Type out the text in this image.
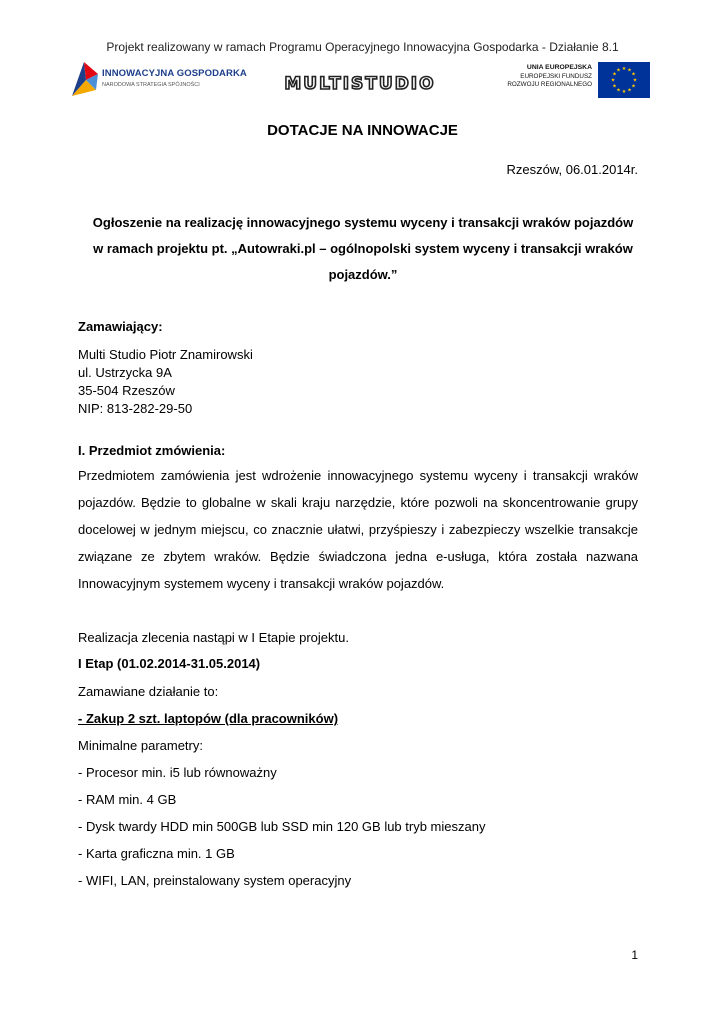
Projekt realizowany w ramach Programu Operacyjnego Innowacyjna Gospodarka - Działanie 8.1
INNOWACYJNA GOSPODARKA
NARODOWA STRATEGIA SPÓJNOŚCI	MULTISTUDIO
UNIA EUROPEJSKA
EUROPEJSKI FUNDUSZ
ROZWOJU REGIONALNEGO
★ ★
★
★
★
★
★
★
★
★
★
★
DOTACJE NA INNOWACJE
Rzeszów, 06.01.2014r.
Ogłoszenie na realizację innowacyjnego systemu wyceny i transakcji wraków pojazdów
w ramach projektu pt. „Autowraki.pl – ogólnopolski system wyceny i transakcji wraków
pojazdów.”
Zamawiający:
Multi Studio Piotr Znamirowski
ul. Ustrzycka 9A
35-504 Rzeszów
NIP: 813-282-29-50
I. Przedmiot zmówienia:
Przedmiotem zamówienia jest wdrożenie innowacyjnego systemu wyceny i transakcji wraków pojazdów. Będzie to globalne w skali kraju narzędzie, które pozwoli na skoncentrowanie grupy docelowej w jednym miejscu, co znacznie ułatwi, przyśpieszy i zabezpieczy wszelkie transakcje związane ze zbytem wraków. Będzie świadczona jedna e-usługa, która została nazwana Innowacyjnym systemem wyceny i transakcji wraków pojazdów.
Realizacja zlecenia nastąpi w I Etapie projektu.
I Etap (01.02.2014-31.05.2014)
Zamawiane działanie to:
- Zakup 2 szt. laptopów (dla pracowników)
Minimalne parametry:
- Procesor min. i5 lub równoważny
- RAM min. 4 GB
- Dysk twardy HDD min 500GB lub SSD min 120 GB lub tryb mieszany
- Karta graficzna min. 1 GB
- WIFI, LAN, preinstalowany system operacyjny
1
